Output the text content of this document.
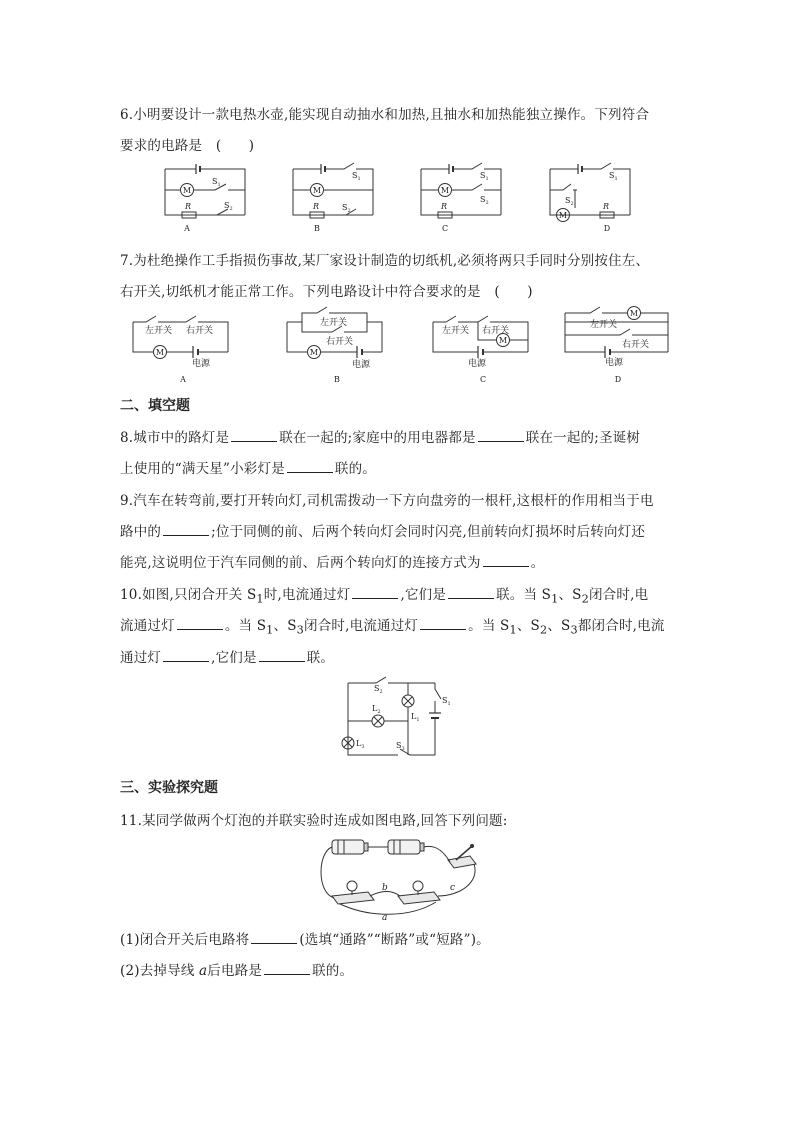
6.小明要设计一款电热水壶,能实现自动抽水和加热,且抽水和加热能独立操作。下列符合
要求的电路是　(　　)
M
$S_1$
R	$S_2$
A
$S_1$
M
R	$S_2$
B
$S_1$
M
$S_2$
R
C
$S_1$
$S_2$
M
R
D
7.为杜绝操作工手指损伤事故,某厂家设计制造的切纸机,必须将两只手同时分别按住左、
右开关,切纸机才能正常工作。下列电路设计中符合要求的是　(　　)
M
左开关 右开关
电源
A
M
左开关
右开关
电源
B
M
左开关 右开关
电源
C
M
左开关
右开关
电源
D
二、填空题
8.城市中的路灯是	联在一起的;家庭中的用电器都是	联在一起的;圣诞树
上使用的“满天星”小彩灯是	联的。
9.汽车在转弯前,要打开转向灯,司机需拨动一下方向盘旁的一根杆,这根杆的作用相当于电
路中的	;位于同侧的前、后两个转向灯会同时闪亮,但前转向灯损坏时后转向灯还
能亮,这说明位于汽车同侧的前、后两个转向灯的连接方式为	。
10.如图,只闭合开关 $S_1$时,电流通过灯	,它们是	联。当 $S_1$、$S_2$闭合时,电
流通过灯	。当 $S_1$、$S_3$闭合时,电流通过灯	。当 $S_1$、$S_2$、$S_3$都闭合时,电流
通过灯	,它们是	联。
$S_2$
$S_1$
$S_3$
$L_2$	$L_1$
$L_3$
三、实验探究题
11.某同学做两个灯泡的并联实验时连成如图电路,回答下列问题:
b	c
a
(1)闭合开关后电路将	(选填“通路”“断路”或“短路”)。
(2)去掉导线 a后电路是	联的。
